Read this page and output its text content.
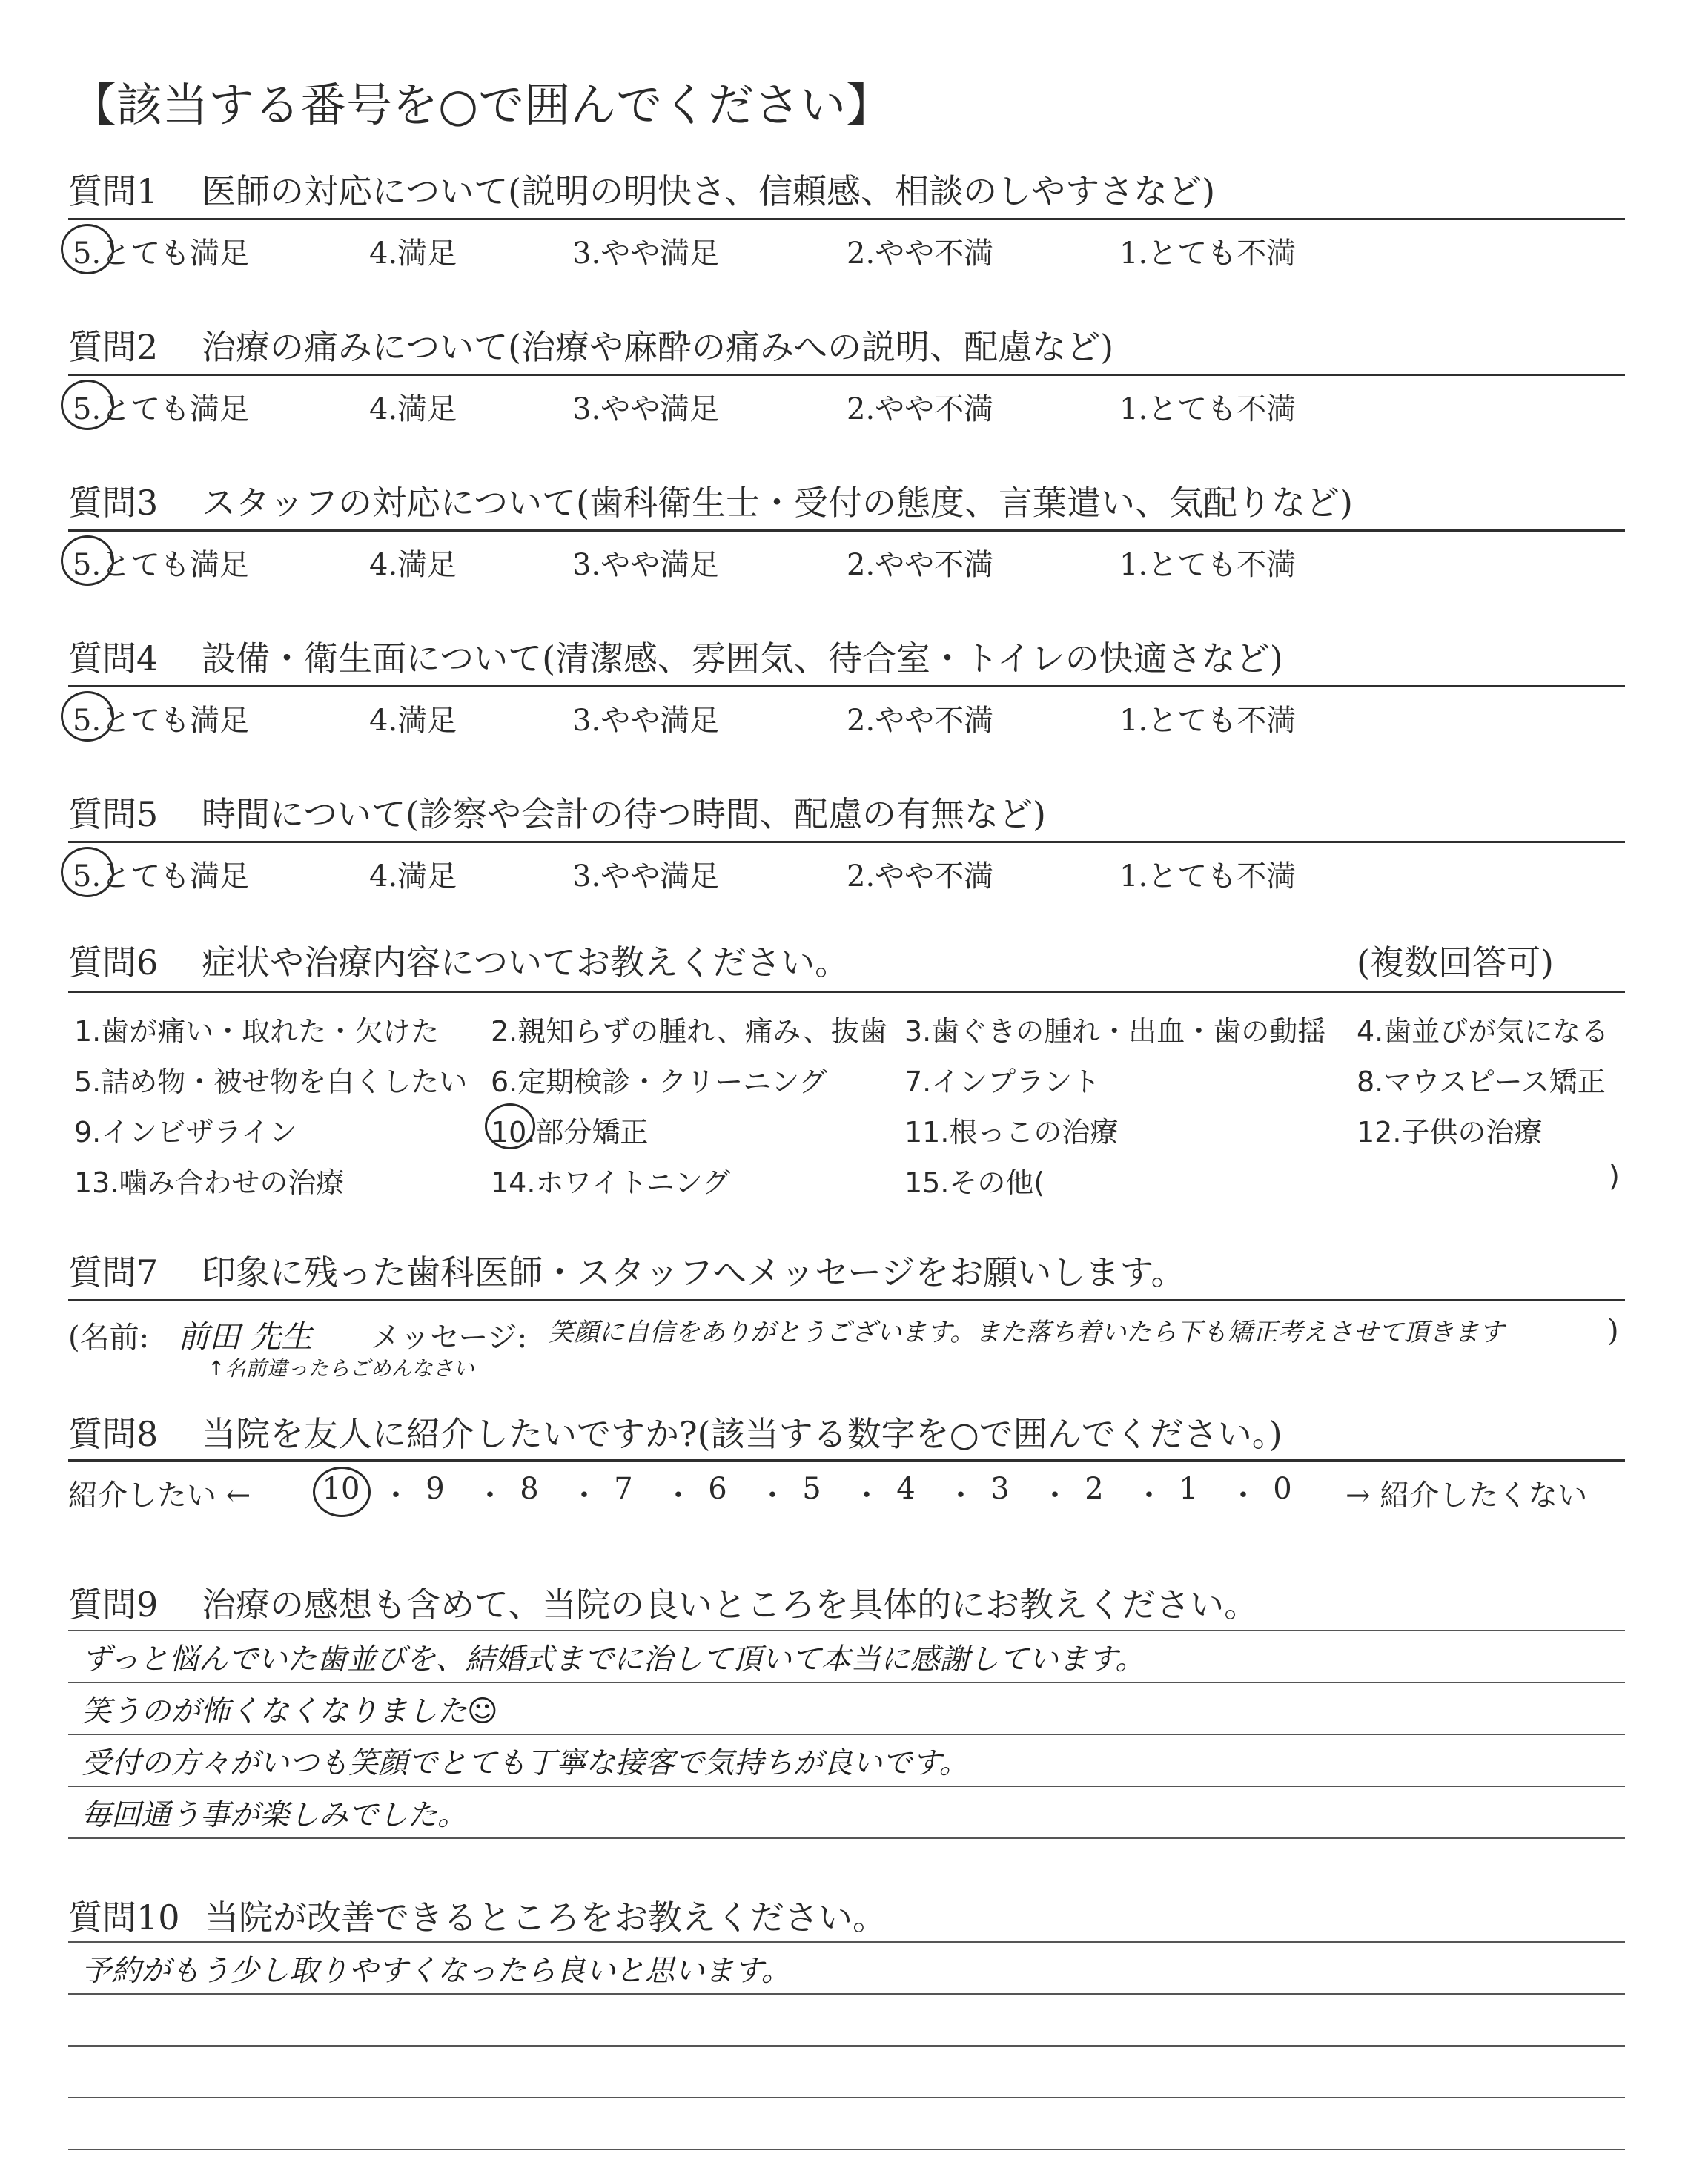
【該当する番号を○で囲んでください】
質問6 症状や治療内容についてお教えください。	(複数回答可)
質問7 印象に残った歯科医師・スタッフへメッセージをお願いします。
(名前: 前田 先生 メッセージ: 笑顔に自信をありがとうございます。また落ち着いたら下も矯正考えさせて頂きます	)
↑名前違ったらごめんなさい
質問8 当院を友人に紹介したいですか?(該当する数字を○で囲んでください。)
紹介したい ←	→ 紹介したくない
質問9 治療の感想も含めて、当院の良いところを具体的にお教えください。
質問10 当院が改善できるところをお教えください。
質問1 医師の対応について(説明の明快さ、信頼感、相談のしやすさなど)
5.とても満足	4.満足	3.やや満足	2.やや不満	1.とても不満
質問2 治療の痛みについて(治療や麻酔の痛みへの説明、配慮など)
5.とても満足	4.満足	3.やや満足	2.やや不満	1.とても不満
質問3 スタッフの対応について(歯科衛生士・受付の態度、言葉遣い、気配りなど)
5.とても満足	4.満足	3.やや満足	2.やや不満	1.とても不満
質問4 設備・衛生面について(清潔感、雰囲気、待合室・トイレの快適さなど)
5.とても満足	4.満足	3.やや満足	2.やや不満	1.とても不満
質問5 時間について(診察や会計の待つ時間、配慮の有無など)
5.とても満足	4.満足	3.やや満足	2.やや不満	1.とても不満
1.歯が痛い・取れた・欠けた 2.親知らずの腫れ、痛み、抜歯 3.歯ぐきの腫れ・出血・歯の動揺 4.歯並びが気になる
5.詰め物・被せ物を白くしたい 6.定期検診・クリーニング	7.インプラント	8.マウスピース矯正
9.インビザライン	10.部分矯正	11.根っこの治療	12.子供の治療
13.噛み合わせの治療	14.ホワイトニング	15.その他(	)
10 ・ 9	・ 8	・ 7	・ 6	・ 5	・ 4	・ 3	・ 2	・ 1	・ 0
ずっと悩んでいた歯並びを、結婚式までに治して頂いて本当に感謝しています。
笑うのが怖くなくなりました☺
受付の方々がいつも笑顔でとても丁寧な接客で気持ちが良いです。
毎回通う事が楽しみでした。
予約がもう少し取りやすくなったら良いと思います。
